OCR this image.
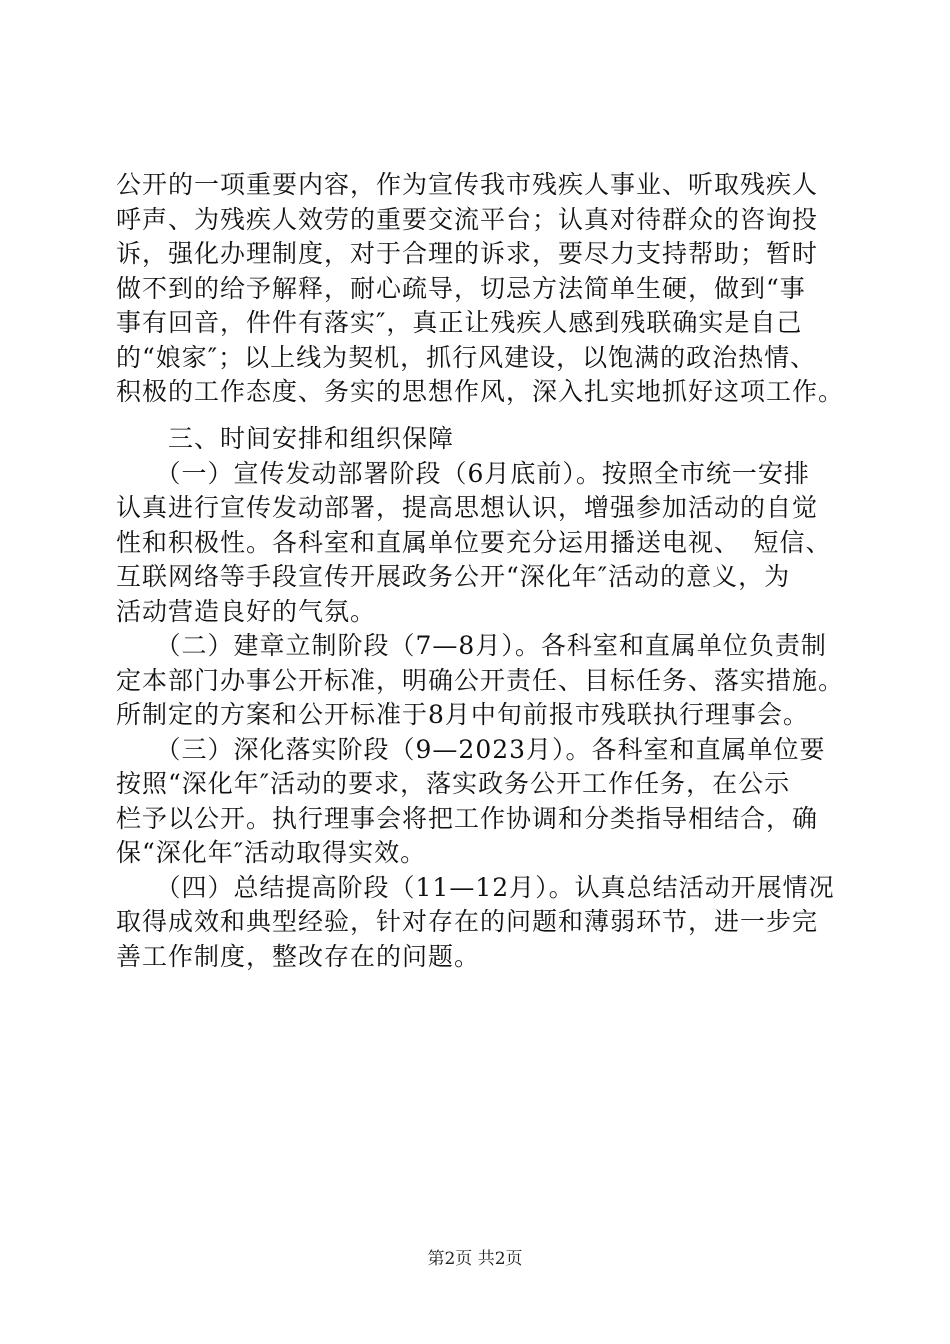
公开的一项重要内容，作为宣传我市残疾人事业、听取残疾人
呼声、为残疾人效劳的重要交流平台；认真对待群众的咨询投
诉，强化办理制度，对于合理的诉求，要尽力支持帮助；暂时
做不到的给予解释，耐心疏导，切忌方法简单生硬，做到“事
事有回音，件件有落实″，真正让残疾人感到残联确实是自己
的“娘家″；以上线为契机，抓行风建设，以饱满的政治热情、
积极的工作态度、务实的思想作风，深入扎实地抓好这项工作。
　　三、时间安排和组织保障
　　（一）宣传发动部署阶段（6月底前）。按照全市统一安排
认真进行宣传发动部署，提高思想认识，增强参加活动的自觉
性和积极性。各科室和直属单位要充分运用播送电视、　短信、
互联网络等手段宣传开展政务公开“深化年″活动的意义，为
活动营造良好的气氛。
　　（二）建章立制阶段（7—8月）。各科室和直属单位负责制
定本部门办事公开标准，明确公开责任、目标任务、落实措施。
所制定的方案和公开标准于8月中旬前报市残联执行理事会。
　　（三）深化落实阶段（9—2023月）。各科室和直属单位要
按照“深化年″活动的要求，落实政务公开工作任务，在公示
栏予以公开。执行理事会将把工作协调和分类指导相结合，确
保“深化年″活动取得实效。
　　（四）总结提高阶段（11—12月）。认真总结活动开展情况
取得成效和典型经验，针对存在的问题和薄弱环节，进一步完
善工作制度，整改存在的问题。
第2页 共2页
